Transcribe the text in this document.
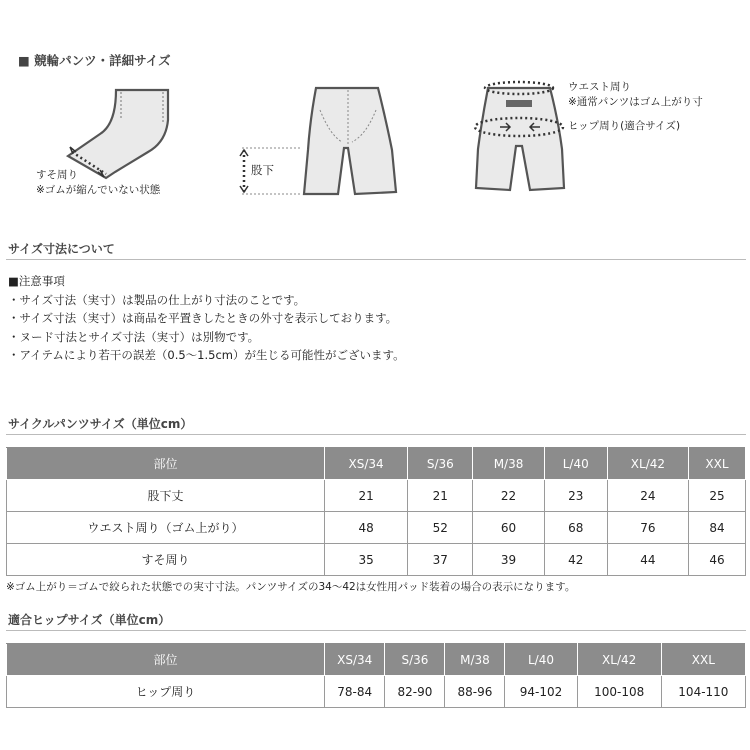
■ 競輪パンツ・詳細サイズ
すそ周り
※ゴムが縮んでいない状態
股下
ウエスト周り
※通常パンツはゴム上がり寸
ヒップ周り(適合サイズ)
サイズ寸法について
■注意事項
・サイズ寸法（実寸）は製品の仕上がり寸法のことです。
・サイズ寸法（実寸）は商品を平置きしたときの外寸を表示しております。
・ヌード寸法とサイズ寸法（実寸）は別物です。
・アイテムにより若干の誤差（0.5～1.5cm）が生じる可能性がございます。
サイクルパンツサイズ（単位cm）
部位	XS/34	S/36	M/38	L/40	XL/42	XXL
股下丈	21	21	22	23	24	25
ウエスト周り（ゴム上がり）	48	52	60	68	76	84
すそ周り	35	37	39	42	44	46
※ゴム上がり＝ゴムで絞られた状態での実寸寸法。パンツサイズの34～42は女性用パッド装着の場合の表示になります。
適合ヒップサイズ（単位cm）
部位	XS/34	S/36	M/38	L/40	XL/42	XXL
ヒップ周り	78-84	82-90	88-96	94-102	100-108	104-110
